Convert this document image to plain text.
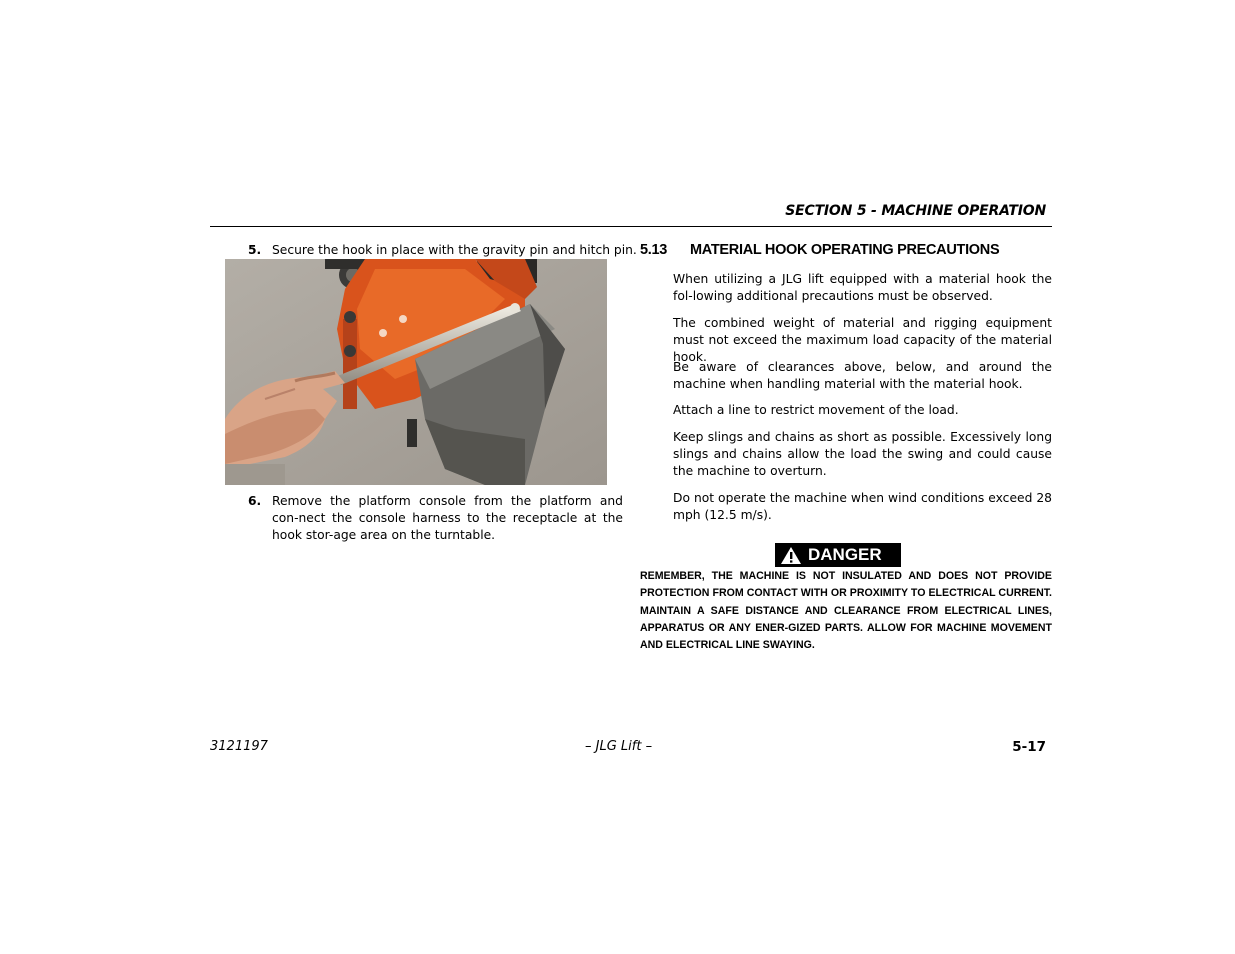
SECTION 5 - MACHINE OPERATION
5. Secure the hook in place with the gravity pin and hitch pin.
6. Remove the platform console from the platform and con-nect the console harness to the receptacle at the hook stor-age area on the turntable.
5.13 MATERIAL HOOK OPERATING PRECAUTIONS
When utilizing a JLG lift equipped with a material hook the fol-lowing additional precautions must be observed.
The combined weight of material and rigging equipment must not exceed the maximum load capacity of the material hook.
Be aware of clearances above, below, and around the machine when handling material with the material hook.
Attach a line to restrict movement of the load.
Keep slings and chains as short as possible. Excessively long slings and chains allow the load the swing and could cause the machine to overturn.
Do not operate the machine when wind conditions exceed 28 mph (12.5 m/s).
DANGER
REMEMBER, THE MACHINE IS NOT INSULATED AND DOES NOT PROVIDE PROTECTION FROM CONTACT WITH OR PROXIMITY TO ELECTRICAL CURRENT. MAINTAIN A SAFE DISTANCE AND CLEARANCE FROM ELECTRICAL LINES, APPARATUS OR ANY ENER-GIZED PARTS. ALLOW FOR MACHINE MOVEMENT AND ELECTRICAL LINE SWAYING.
3121197	– JLG Lift –	5-17
